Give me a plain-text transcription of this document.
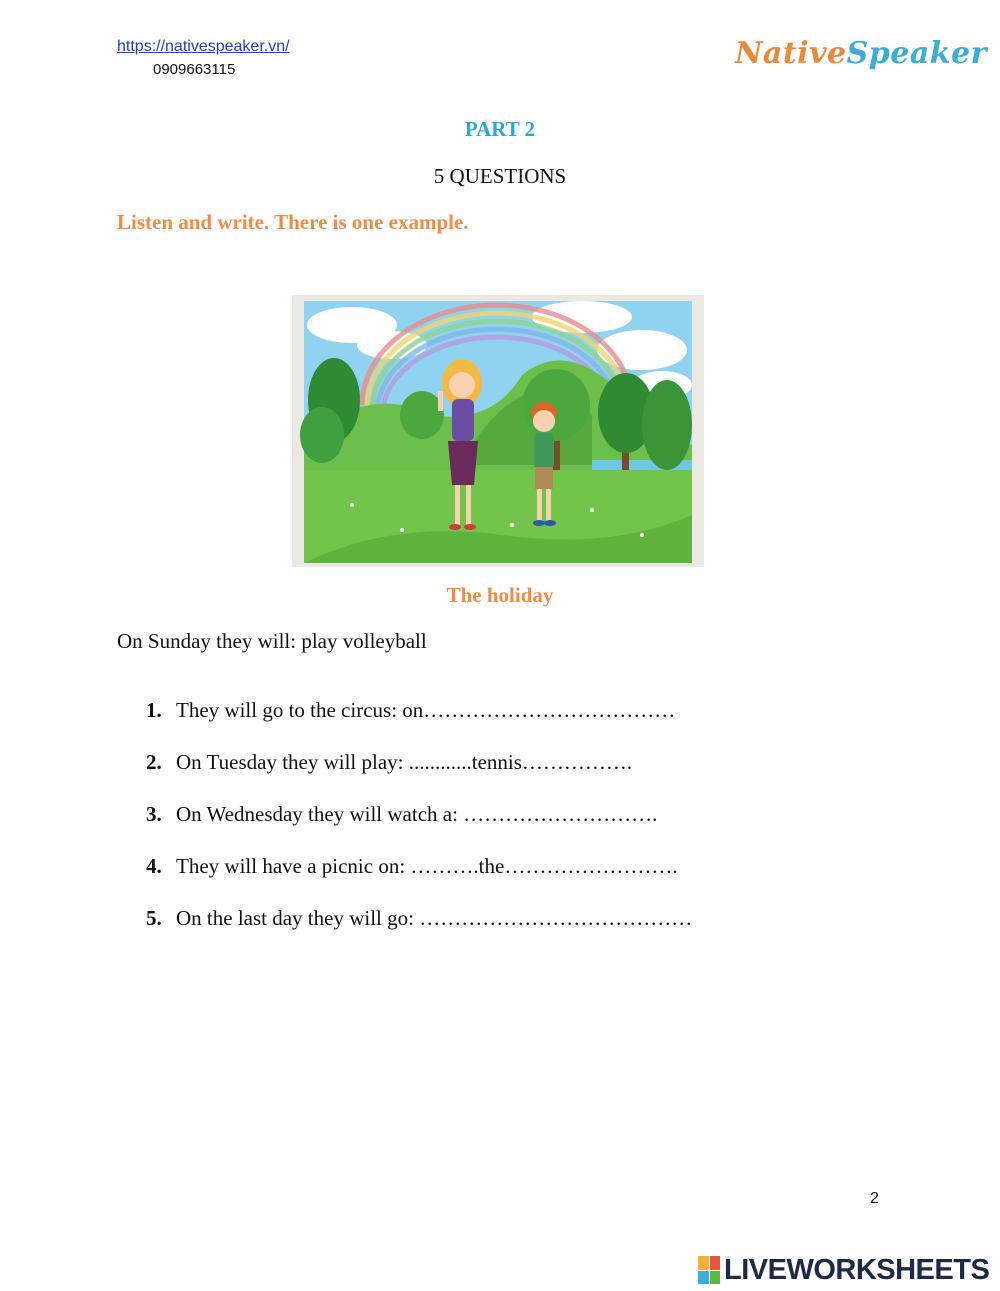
https://nativespeaker.vn/
0909663115	NativeSpeaker
PART 2
5 QUESTIONS
Listen and write. There is one example.
The holiday
On Sunday they will: play volleyball
1. They will go to the circus: on………………………………
2. On Tuesday they will play: ............tennis…………….
3. On Wednesday they will watch a: ……………………….
4. They will have a picnic on: ……….the…………………….
5. On the last day they will go: …………………………………
2
LIVEWORKSHEETS
